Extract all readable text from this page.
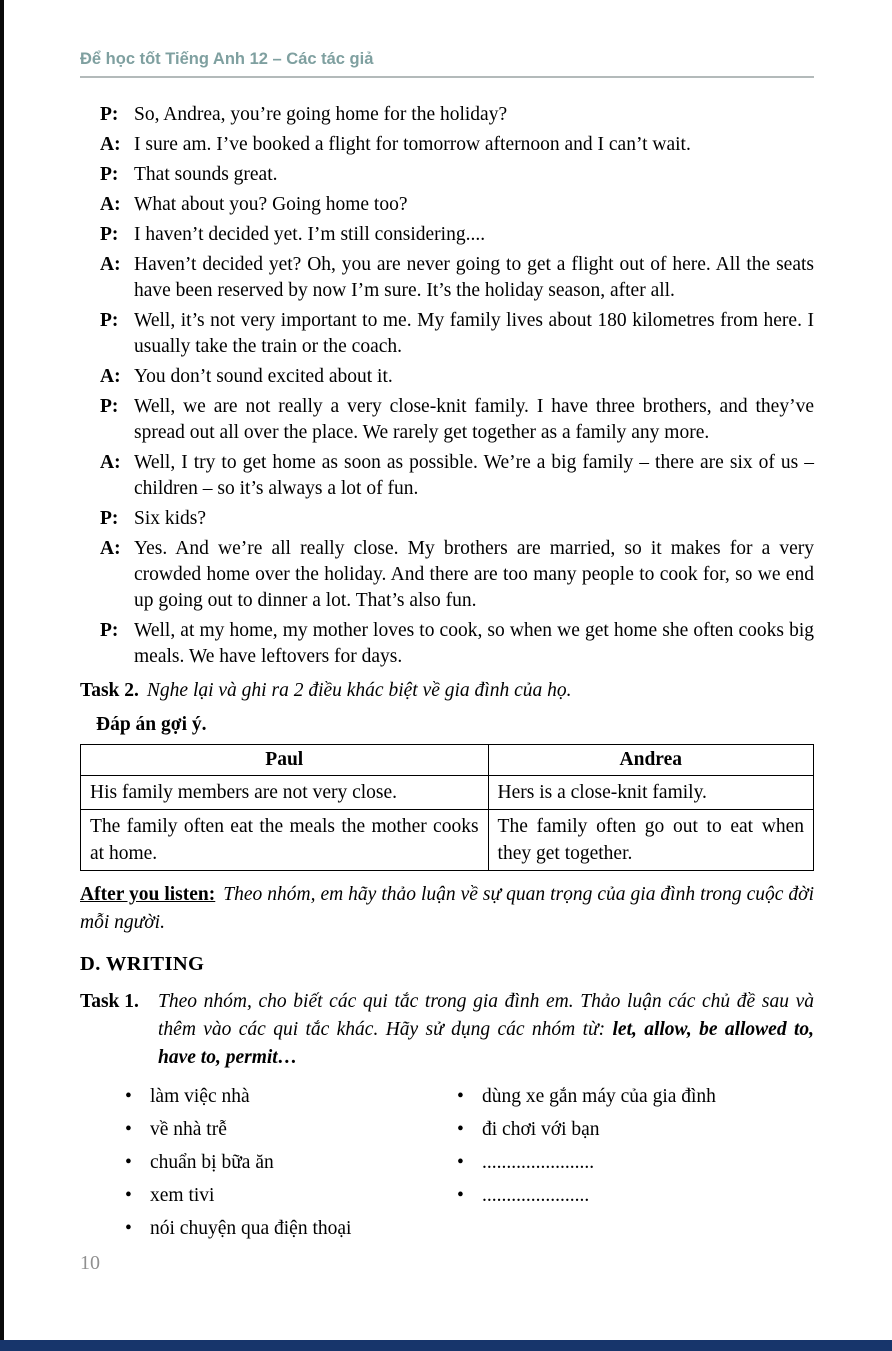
Để học tốt Tiếng Anh 12 – Các tác giả

P: So, Andrea, you’re going home for the holiday?

A: I sure am. I’ve booked a flight for tomorrow afternoon and I can’t wait.

P: That sounds great.

A: What about you? Going home too?

P: I haven’t decided yet. I’m still considering....

A: Haven’t decided yet? Oh, you are never going to get a flight out of here. All the seats have been reserved by now I’m sure. It’s the holiday season, after all.

P: Well, it’s not very important to me. My family lives about 180 kilometres from here. I usually take the train or the coach.

A: You don’t sound excited about it.

P: Well, we are not really a very close-knit family. I have three brothers, and they’ve spread out all over the place. We rarely get together as a family any more.

A: Well, I try to get home as soon as possible. We’re a big family – there are six of us – children – so it’s always a lot of fun.

P: Six kids?

A: Yes. And we’re all really close. My brothers are married, so it makes for a very crowded home over the holiday. And there are too many people to cook for, so we end up going out to dinner a lot. That’s also fun.

P: Well, at my home, my mother loves to cook, so when we get home she often cooks big meals. We have leftovers for days.

Task 2. Nghe lại và ghi ra 2 điều khác biệt về gia đình của họ.
Đáp án gợi ý.
Paul	Andrea
His family members are not very close.	Hers is a close-knit family.
The family often eat the meals the mother cooks at home.	The family often go out to eat when they get together.
After you listen: Theo nhóm, em hãy thảo luận về sự quan trọng của gia đình trong cuộc đời mỗi người.
D. WRITING
Task 1. Theo nhóm, cho biết các qui tắc trong gia đình em. Thảo luận các chủ đề sau và thêm vào các qui tắc khác. Hãy sử dụng các nhóm từ: let, allow, be allowed to, have to, permit…
• làm việc nhà
• về nhà trễ
• chuẩn bị bữa ăn
• xem tivi
• nói chuyện qua điện thoại
• dùng xe gắn máy của gia đình
• đi chơi với bạn
• .......................
• ......................
10
